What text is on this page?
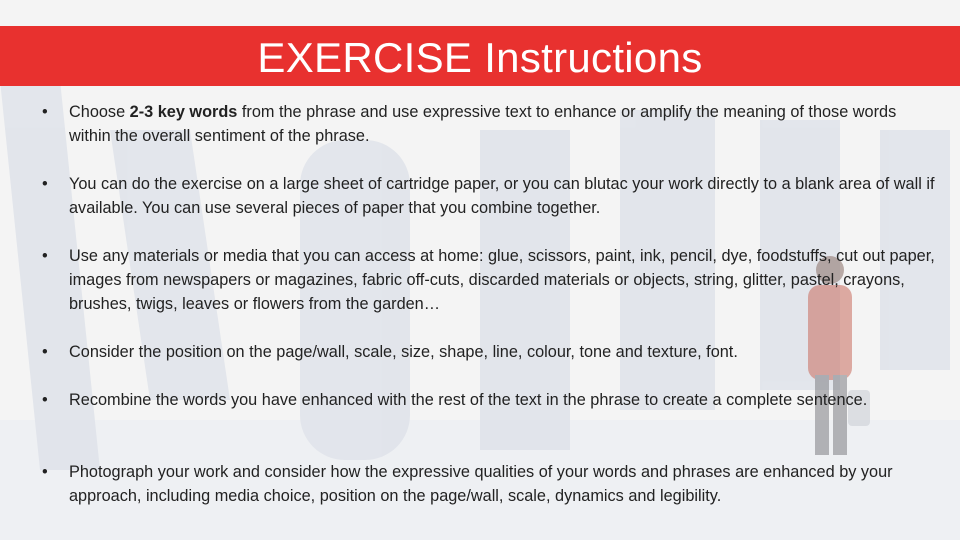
EXERCISE Instructions
•	Choose 2-3 key words from the phrase and use expressive text to enhance or amplify the meaning of those words within the overall sentiment of the phrase.
•	You can do the exercise on a large sheet of cartridge paper, or you can blutac your work directly to a blank area of wall if available. You can use several pieces of paper that you combine together.
•	Use any materials or media that you can access at home: glue, scissors, paint, ink, pencil, dye, foodstuffs, cut out paper, images from newspapers or magazines, fabric off-cuts, discarded materials or objects, string, glitter, pastel, crayons, brushes, twigs, leaves or flowers from the garden…
•	Consider the position on the page/wall, scale, size, shape, line, colour, tone and texture, font.
•	Recombine the words you have enhanced with the rest of the text in the phrase to create a complete sentence.
•	Photograph your work and consider how the expressive qualities of your words and phrases are enhanced by your approach, including media choice, position on the page/wall, scale, dynamics and legibility.
